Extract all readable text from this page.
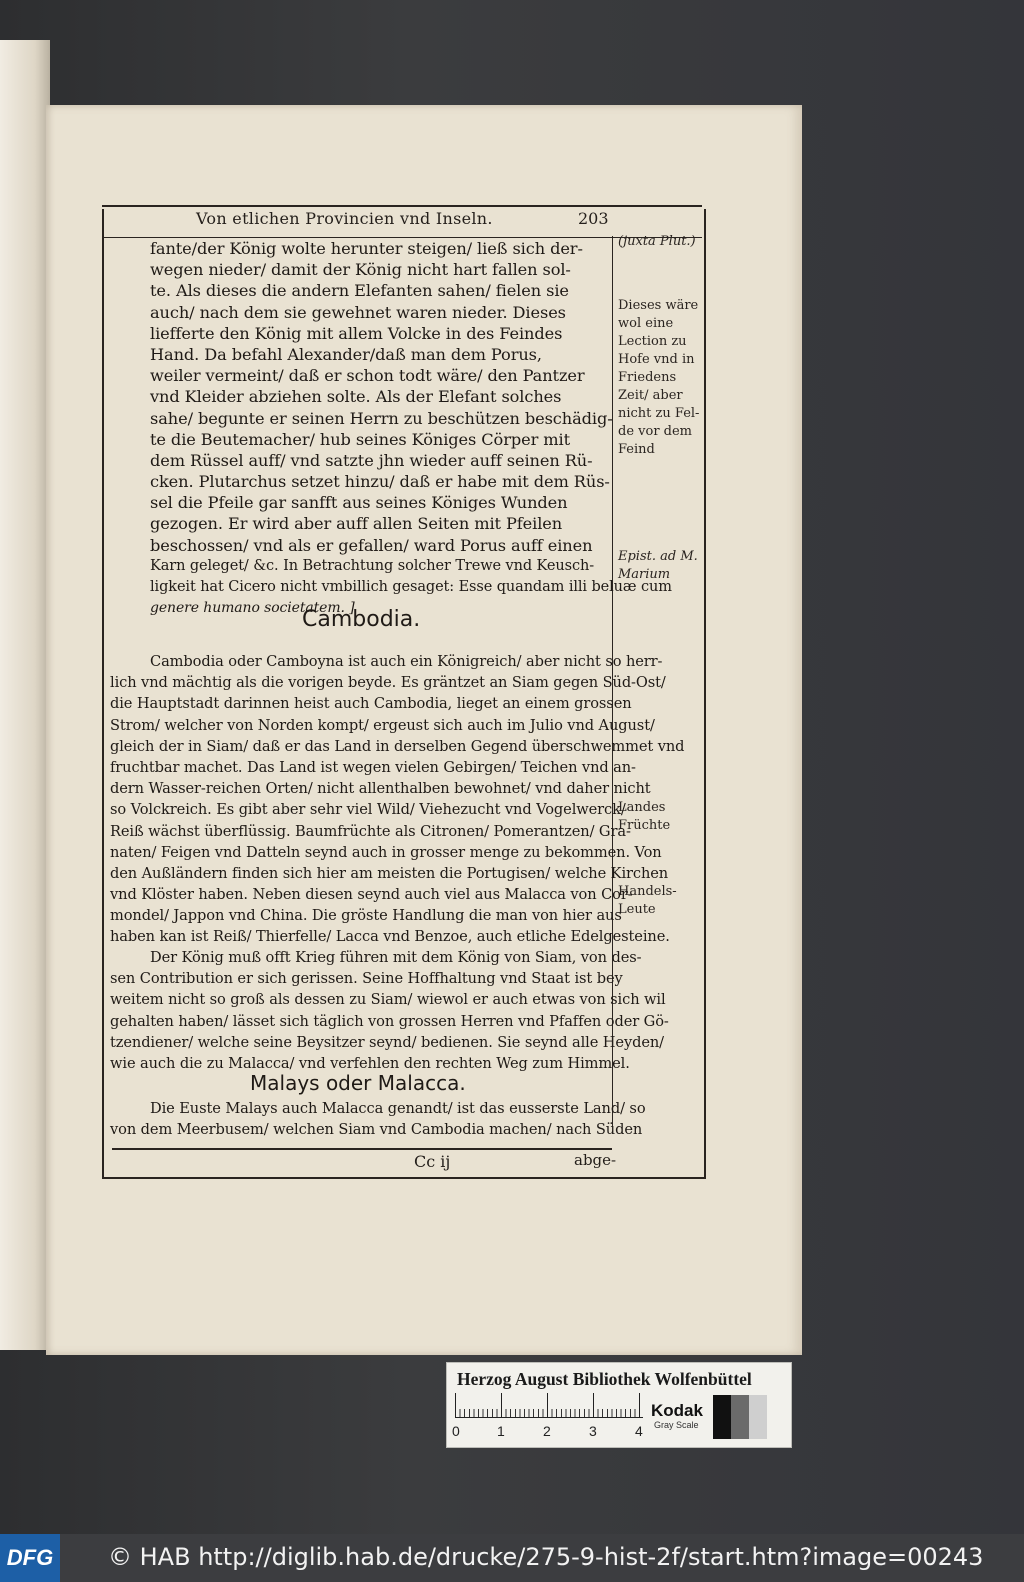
Von etlichen Provincien vnd Inseln.	203
(juxta Plut.)
Dieses wäre
wol eine
Lection zu
Hofe vnd in
Friedens
Zeit/ aber
nicht zu Fel-
de vor dem
Feind
Epist. ad M.
Marium
Landes
Früchte
Handels-
Leute
fante/der König wolte herunter steigen/ ließ sich der-
wegen nieder/ damit der König nicht hart fallen sol-
te. Als dieses die andern Elefanten sahen/ fielen sie
auch/ nach dem sie gewehnet waren nieder. Dieses
liefferte den König mit allem Volcke in des Feindes
Hand. Da befahl Alexander/daß man dem Porus,
weiler vermeint/ daß er schon todt wäre/ den Pantzer
vnd Kleider abziehen solte. Als der Elefant solches
sahe/ begunte er seinen Herrn zu beschützen beschädig-
te die Beutemacher/ hub seines Königes Cörper mit
dem Rüssel auff/ vnd satzte jhn wieder auff seinen Rü-
cken. Plutarchus setzet hinzu/ daß er habe mit dem Rüs-
sel die Pfeile gar sanfft aus seines Königes Wunden
gezogen. Er wird aber auff allen Seiten mit Pfeilen
beschossen/ vnd als er gefallen/ ward Porus auff einen
Karn geleget/ &c. In Betrachtung solcher Trewe vnd Keusch-
ligkeit hat Cicero nicht vmbillich gesaget: Esse quandam illi beluæ cum
genere humano societatem. ]
Cambodia.
Cambodia oder Camboyna ist auch ein Königreich/ aber nicht so herr-
lich vnd mächtig als die vorigen beyde. Es gräntzet an Siam gegen Süd-Ost/
die Hauptstadt darinnen heist auch Cambodia, lieget an einem grossen
Strom/ welcher von Norden kompt/ ergeust sich auch im Julio vnd August/
gleich der in Siam/ daß er das Land in derselben Gegend überschwemmet vnd
fruchtbar machet. Das Land ist wegen vielen Gebirgen/ Teichen vnd an-
dern Wasser-reichen Orten/ nicht allenthalben bewohnet/ vnd daher nicht
so Volckreich. Es gibt aber sehr viel Wild/ Viehezucht vnd Vogelwerck/
Reiß wächst überflüssig. Baumfrüchte als Citronen/ Pomerantzen/ Gra-
naten/ Feigen vnd Datteln seynd auch in grosser menge zu bekommen. Von
den Außländern finden sich hier am meisten die Portugisen/ welche Kirchen
vnd Klöster haben. Neben diesen seynd auch viel aus Malacca von Cor-
mondel/ Jappon vnd China. Die gröste Handlung die man von hier aus
haben kan ist Reiß/ Thierfelle/ Lacca vnd Benzoe, auch etliche Edelgesteine.
Der König muß offt Krieg führen mit dem König von Siam, von des-
sen Contribution er sich gerissen. Seine Hoffhaltung vnd Staat ist bey
weitem nicht so groß als dessen zu Siam/ wiewol er auch etwas von sich wil
gehalten haben/ lässet sich täglich von grossen Herren vnd Pfaffen oder Gö-
tzendiener/ welche seine Beysitzer seynd/ bedienen. Sie seynd alle Heyden/
wie auch die zu Malacca/ vnd verfehlen den rechten Weg zum Himmel.
Malays oder Malacca.
Die Euste Malays auch Malacca genandt/ ist das eusserste Land/ so
von dem Meerbusem/ welchen Siam vnd Cambodia machen/ nach Süden
Cc ij	abge-
Herzog August Bibliothek Wolfenbüttel
0	1	2	3	4
Kodak
Gray Scale
DFG © HAB http://diglib.hab.de/drucke/275-9-hist-2f/start.htm?image=00243
